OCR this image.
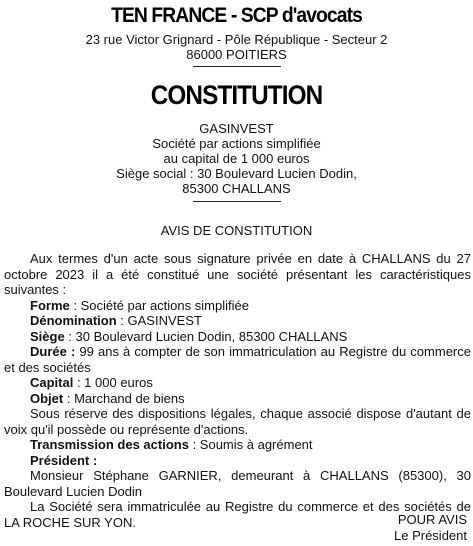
TEN FRANCE - SCP d'avocats
23 rue Victor Grignard - Pôle République - Secteur 2
86000 POITIERS
CONSTITUTION
GASINVEST
Société par actions simplifiée
au capital de 1 000 euros
Siège social : 30 Boulevard Lucien Dodin,
85300 CHALLANS
AVIS DE CONSTITUTION

Aux termes d'un acte sous signature privée en date à CHALLANS du 27 octobre 2023 il a été constitué une société présentant les caractéristiques suivantes :

Forme : Société par actions simplifiée

Dénomination : GASINVEST

Siège : 30 Boulevard Lucien Dodin, 85300 CHALLANS

Durée : 99 ans à compter de son immatriculation au Registre du commerce et des sociétés

Capital : 1 000 euros

Objet : Marchand de biens

Sous réserve des dispositions légales, chaque associé dispose d'autant de voix qu'il possède ou représente d'actions.

Transmission des actions : Soumis à agrément

Président :

Monsieur Stéphane GARNIER, demeurant à CHALLANS (85300), 30 Boulevard Lucien Dodin

La Société sera immatriculée au Registre du commerce et des sociétés de LA ROCHE SUR YON.	POUR AVIS
Le Président
